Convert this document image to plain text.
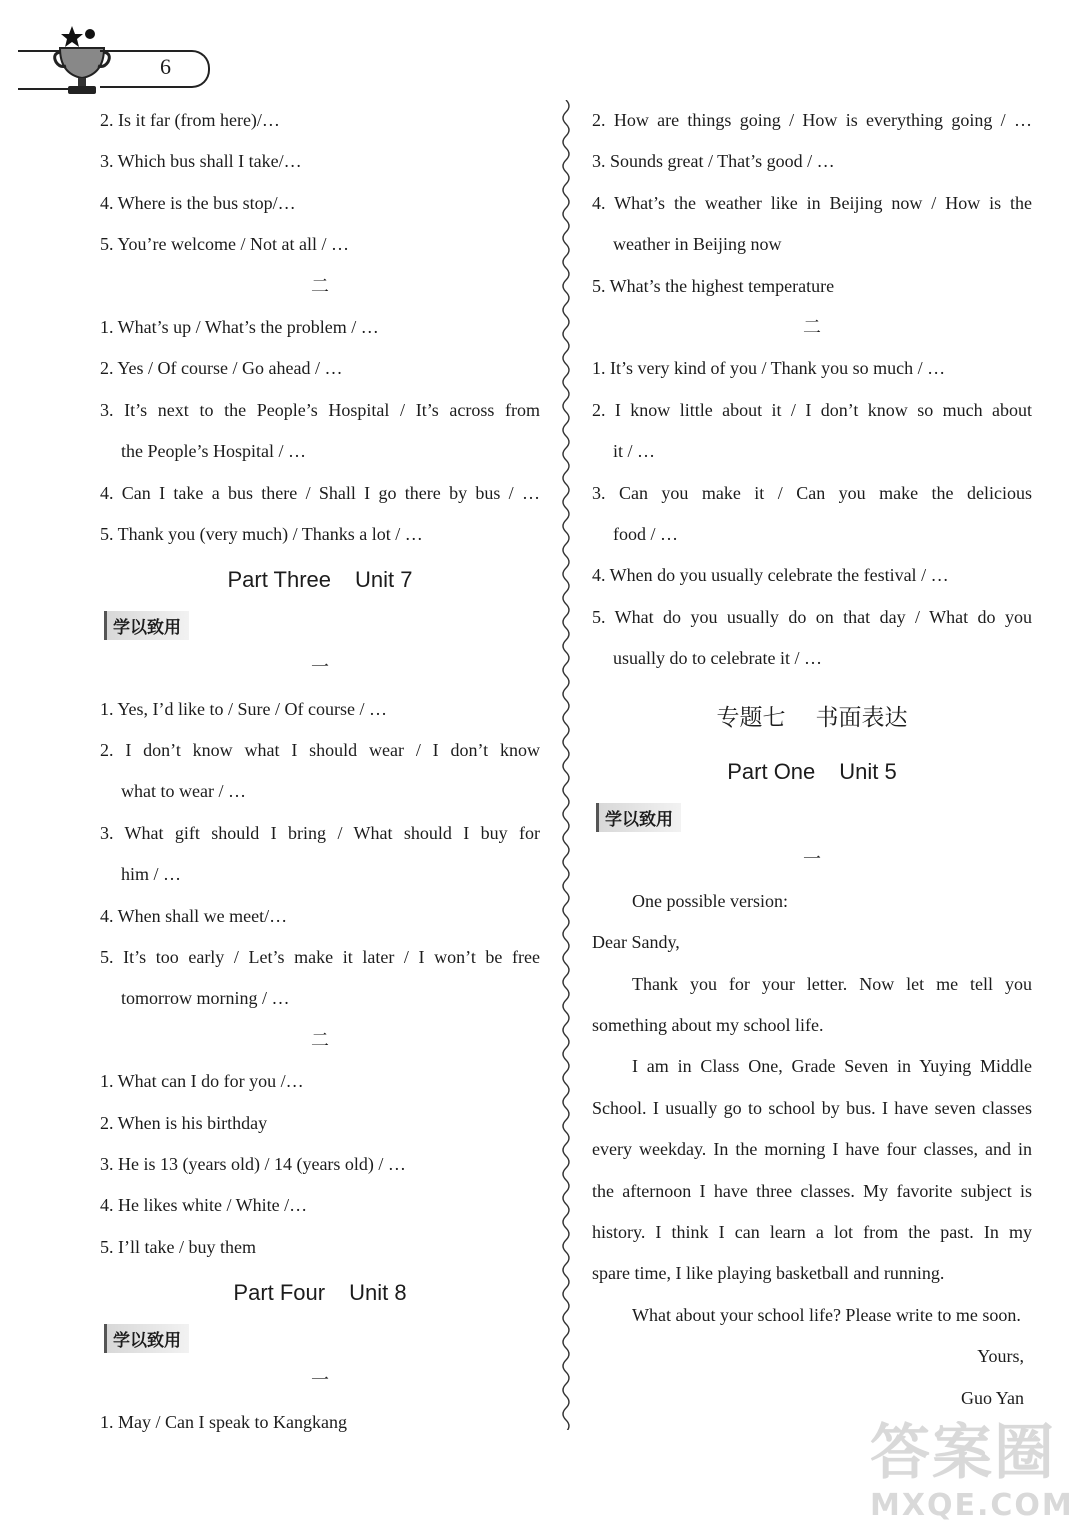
6
2. Is it far (from here)/…
3. Which bus shall I take/…
4. Where is the bus stop/…
5. You’re welcome / Not at all / …
二
1. What’s up / What’s the problem / …
2. Yes / Of course / Go ahead / …
3. It’s next to the People’s Hospital / It’s across from
the People’s Hospital / …
4. Can I take a bus there / Shall I go there by bus / …
5. Thank you (very much) / Thanks a lot / …
Part Three Unit 7
学以致用
一
1. Yes, I’d like to / Sure / Of course / …
2. I don’t know what I should wear / I don’t know
what to wear / …
3. What gift should I bring / What should I buy for
him / …
4. When shall we meet/…
5. It’s too early / Let’s make it later / I won’t be free
tomorrow morning / …
二
1. What can I do for you /…
2. When is his birthday
3. He is 13 (years old) / 14 (years old) / …
4. He likes white / White /…
5. I’ll take / buy them
Part Four Unit 8
学以致用
一
1. May / Can I speak to Kangkang
2. How are things going / How is everything going / …
3. Sounds great / That’s good / …
4. What’s the weather like in Beijing now / How is the
weather in Beijing now
5. What’s the highest temperature
二
1. It’s very kind of you / Thank you so much / …
2. I know little about it / I don’t know so much about
it / …
3. Can you make it / Can you make the delicious
food / …
4. When do you usually celebrate the festival / …
5. What do you usually do on that day / What do you
usually do to celebrate it / …
专题七 书面表达
Part One Unit 5
学以致用
一
One possible version:
Dear Sandy,
Thank you for your letter. Now let me tell you
something about my school life.
I am in Class One, Grade Seven in Yuying Middle
School. I usually go to school by bus. I have seven classes
every weekday. In the morning I have four classes, and in
the afternoon I have three classes. My favorite subject is
history. I think I can learn a lot from the past. In my
spare time, I like playing basketball and running.
What about your school life? Please write to me soon.
Yours,
Guo Yan
答案圈
MXQE.COM
